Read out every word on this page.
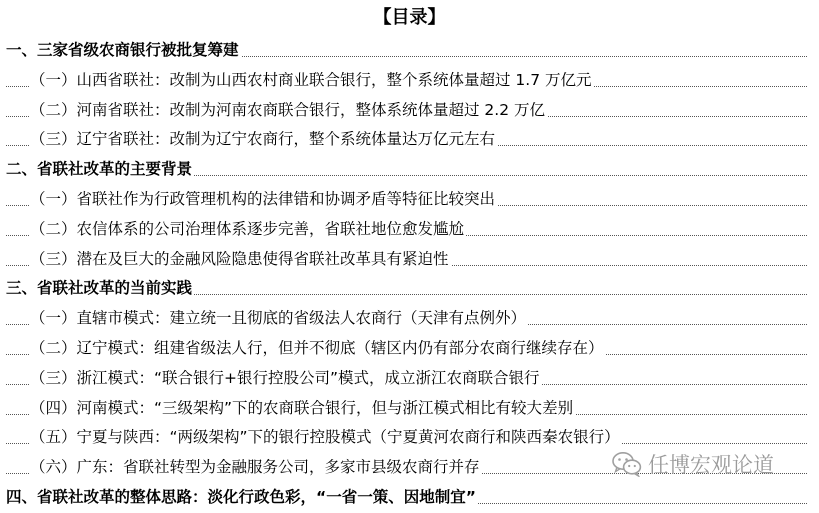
【目录】
一、三家省级农商银行被批复筹建
（一）山西省联社：改制为山西农村商业联合银行，整个系统体量超过 1.7 万亿元
（二）河南省联社：改制为河南农商联合银行，整体系统体量超过 2.2 万亿
（三）辽宁省联社：改制为辽宁农商行，整个系统体量达万亿元左右
二、省联社改革的主要背景
（一）省联社作为行政管理机构的法律错和协调矛盾等特征比较突出
（二）农信体系的公司治理体系逐步完善，省联社地位愈发尴尬
（三）潜在及巨大的金融风险隐患使得省联社改革具有紧迫性
三、省联社改革的当前实践
（一）直辖市模式：建立统一且彻底的省级法人农商行（天津有点例外）
（二）辽宁模式：组建省级法人行，但并不彻底（辖区内仍有部分农商行继续存在）
（三）浙江模式：“联合银行+银行控股公司”模式，成立浙江农商联合银行
（四）河南模式：“三级架构”下的农商联合银行，但与浙江模式相比有较大差别
（五）宁夏与陕西：“两级架构”下的银行控股模式（宁夏黄河农商行和陕西秦农银行）
（六）广东：省联社转型为金融服务公司，多家市县级农商行并存
四、省联社改革的整体思路：淡化行政色彩，“一省一策、因地制宜”
任博宏观论道
